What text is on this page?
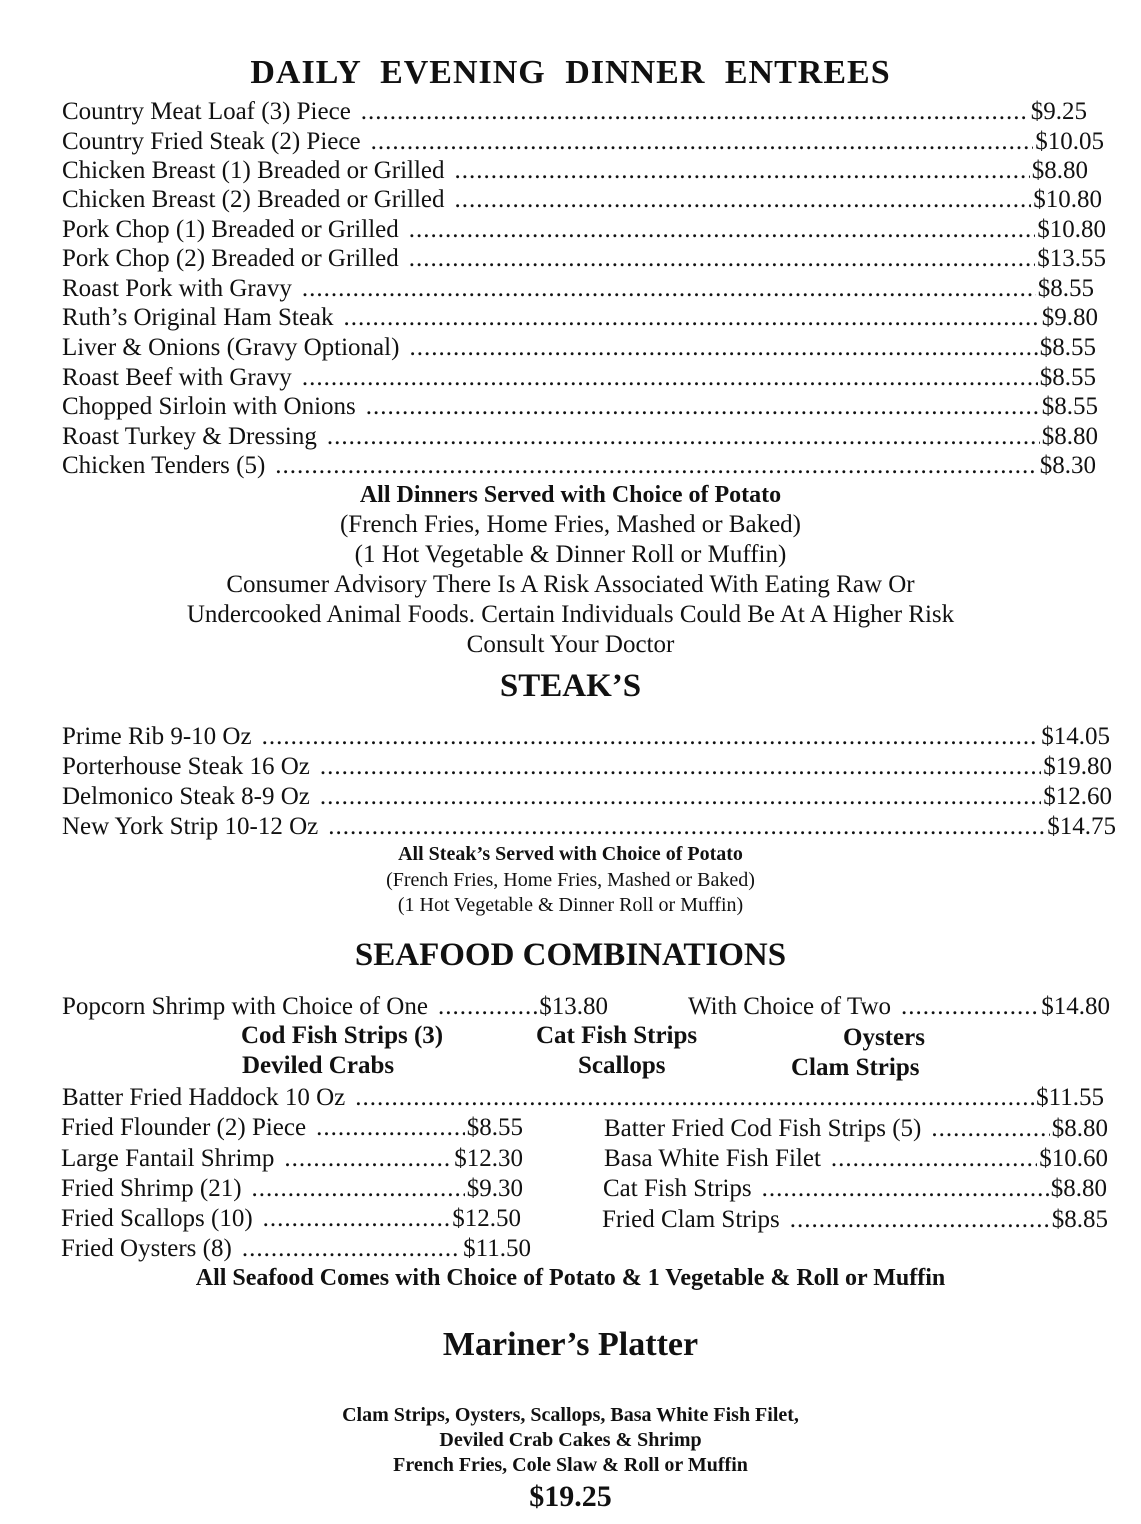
DAILY EVENING DINNER ENTREES
Country Meat Loaf (3) Piece .....	$9.25
Country Fried Steak (2) Piece .....	$10.05
Chicken Breast (1) Breaded or Grilled .....	$8.80
Chicken Breast (2) Breaded or Grilled .....	$10.80
Pork Chop (1) Breaded or Grilled .....	$10.80
Pork Chop (2) Breaded or Grilled .....	$13.55
Roast Pork with Gravy .....	$8.55
Ruth’s Original Ham Steak .....	$9.80
Liver & Onions (Gravy Optional) .....	$8.55
Roast Beef with Gravy .....	$8.55
Chopped Sirloin with Onions .....	$8.55
Roast Turkey & Dressing .....	$8.80
Chicken Tenders (5) .....	$8.30
All Dinners Served with Choice of Potato
(French Fries, Home Fries, Mashed or Baked)
(1 Hot Vegetable & Dinner Roll or Muffin)
Consumer Advisory There Is A Risk Associated With Eating Raw Or
Undercooked Animal Foods. Certain Individuals Could Be At A Higher Risk
Consult Your Doctor
STEAK’S
Prime Rib 9-10 Oz .....	$14.05
Porterhouse Steak 16 Oz .....	$19.80
Delmonico Steak 8-9 Oz .....	$12.60
New York Strip 10-12 Oz .....	$14.75
All Steak’s Served with Choice of Potato
(French Fries, Home Fries, Mashed or Baked)
(1 Hot Vegetable & Dinner Roll or Muffin)
SEAFOOD COMBINATIONS
Popcorn Shrimp with Choice of One .....	$13.80	With Choice of Two .....	$14.80
Cod Fish Strips (3)	Cat Fish Strips	Oysters
Deviled Crabs	Scallops	Clam Strips
Batter Fried Haddock 10 Oz .....	$11.55
Fried Flounder (2) Piece .....	$8.55
Large Fantail Shrimp .....	$12.30
Fried Shrimp (21) .....	$9.30
Fried Scallops (10) .....	$12.50
Fried Oysters (8) .....	$11.50
Batter Fried Cod Fish Strips (5) .....	$8.80
Basa White Fish Filet .....	$10.60
Cat Fish Strips .....	$8.80
Fried Clam Strips .....	$8.85
All Seafood Comes with Choice of Potato & 1 Vegetable & Roll or Muffin
Mariner’s Platter
Clam Strips, Oysters, Scallops, Basa White Fish Filet,
Deviled Crab Cakes & Shrimp
French Fries, Cole Slaw & Roll or Muffin
$19.25
